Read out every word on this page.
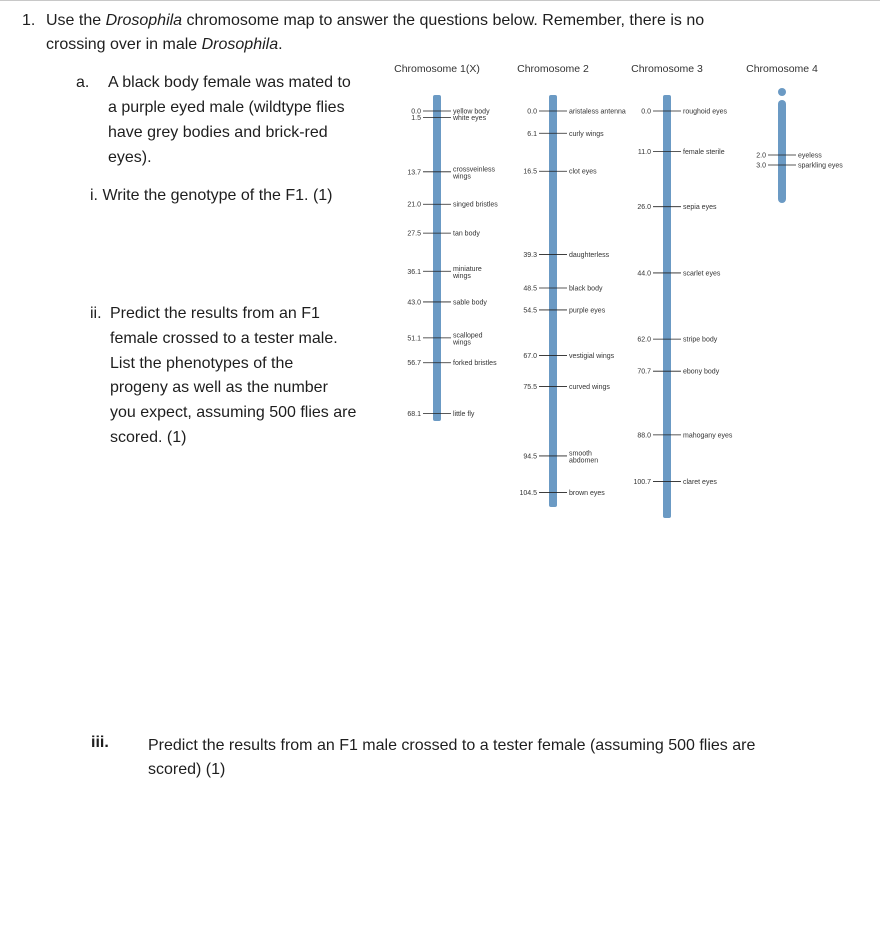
1. Use the Drosophila chromosome map to answer the questions below. Remember, there is no
crossing over in male Drosophila.
a. A black body female was mated to
a purple eyed male (wildtype flies
have grey bodies and brick-red
eyes).
i. Write the genotype of the F1. (1)
ii. Predict the results from an F1
female crossed to a tester male.
List the phenotypes of the
progeny as well as the number
you expect, assuming 500 flies are
scored. (1)
iii. Predict the results from an F1 male crossed to a tester female (assuming 500 flies are
scored) (1)
Chromosome 1(X)
0.0	yellow body
1.5	white eyes
13.7	crossveinless wings
21.0	singed bristles
27.5	tan body
36.1	miniature wings
43.0	sable body
51.1	scalloped wings
56.7	forked bristles
68.1	little fly
Chromosome 2
0.0	aristaless antenna
6.1	curly wings
16.5	clot eyes
39.3	daughterless
48.5	black body
54.5	purple eyes
67.0	vestigial wings
75.5	curved wings
94.5	smooth abdomen
104.5	brown eyes
Chromosome 3
0.0	roughoid eyes
11.0	female sterile
26.0	sepia eyes
44.0	scarlet eyes
62.0	stripe body
70.7	ebony body
88.0	mahogany eyes
100.7	claret eyes
Chromosome 4
2.0	eyeless
3.0	sparkling eyes
